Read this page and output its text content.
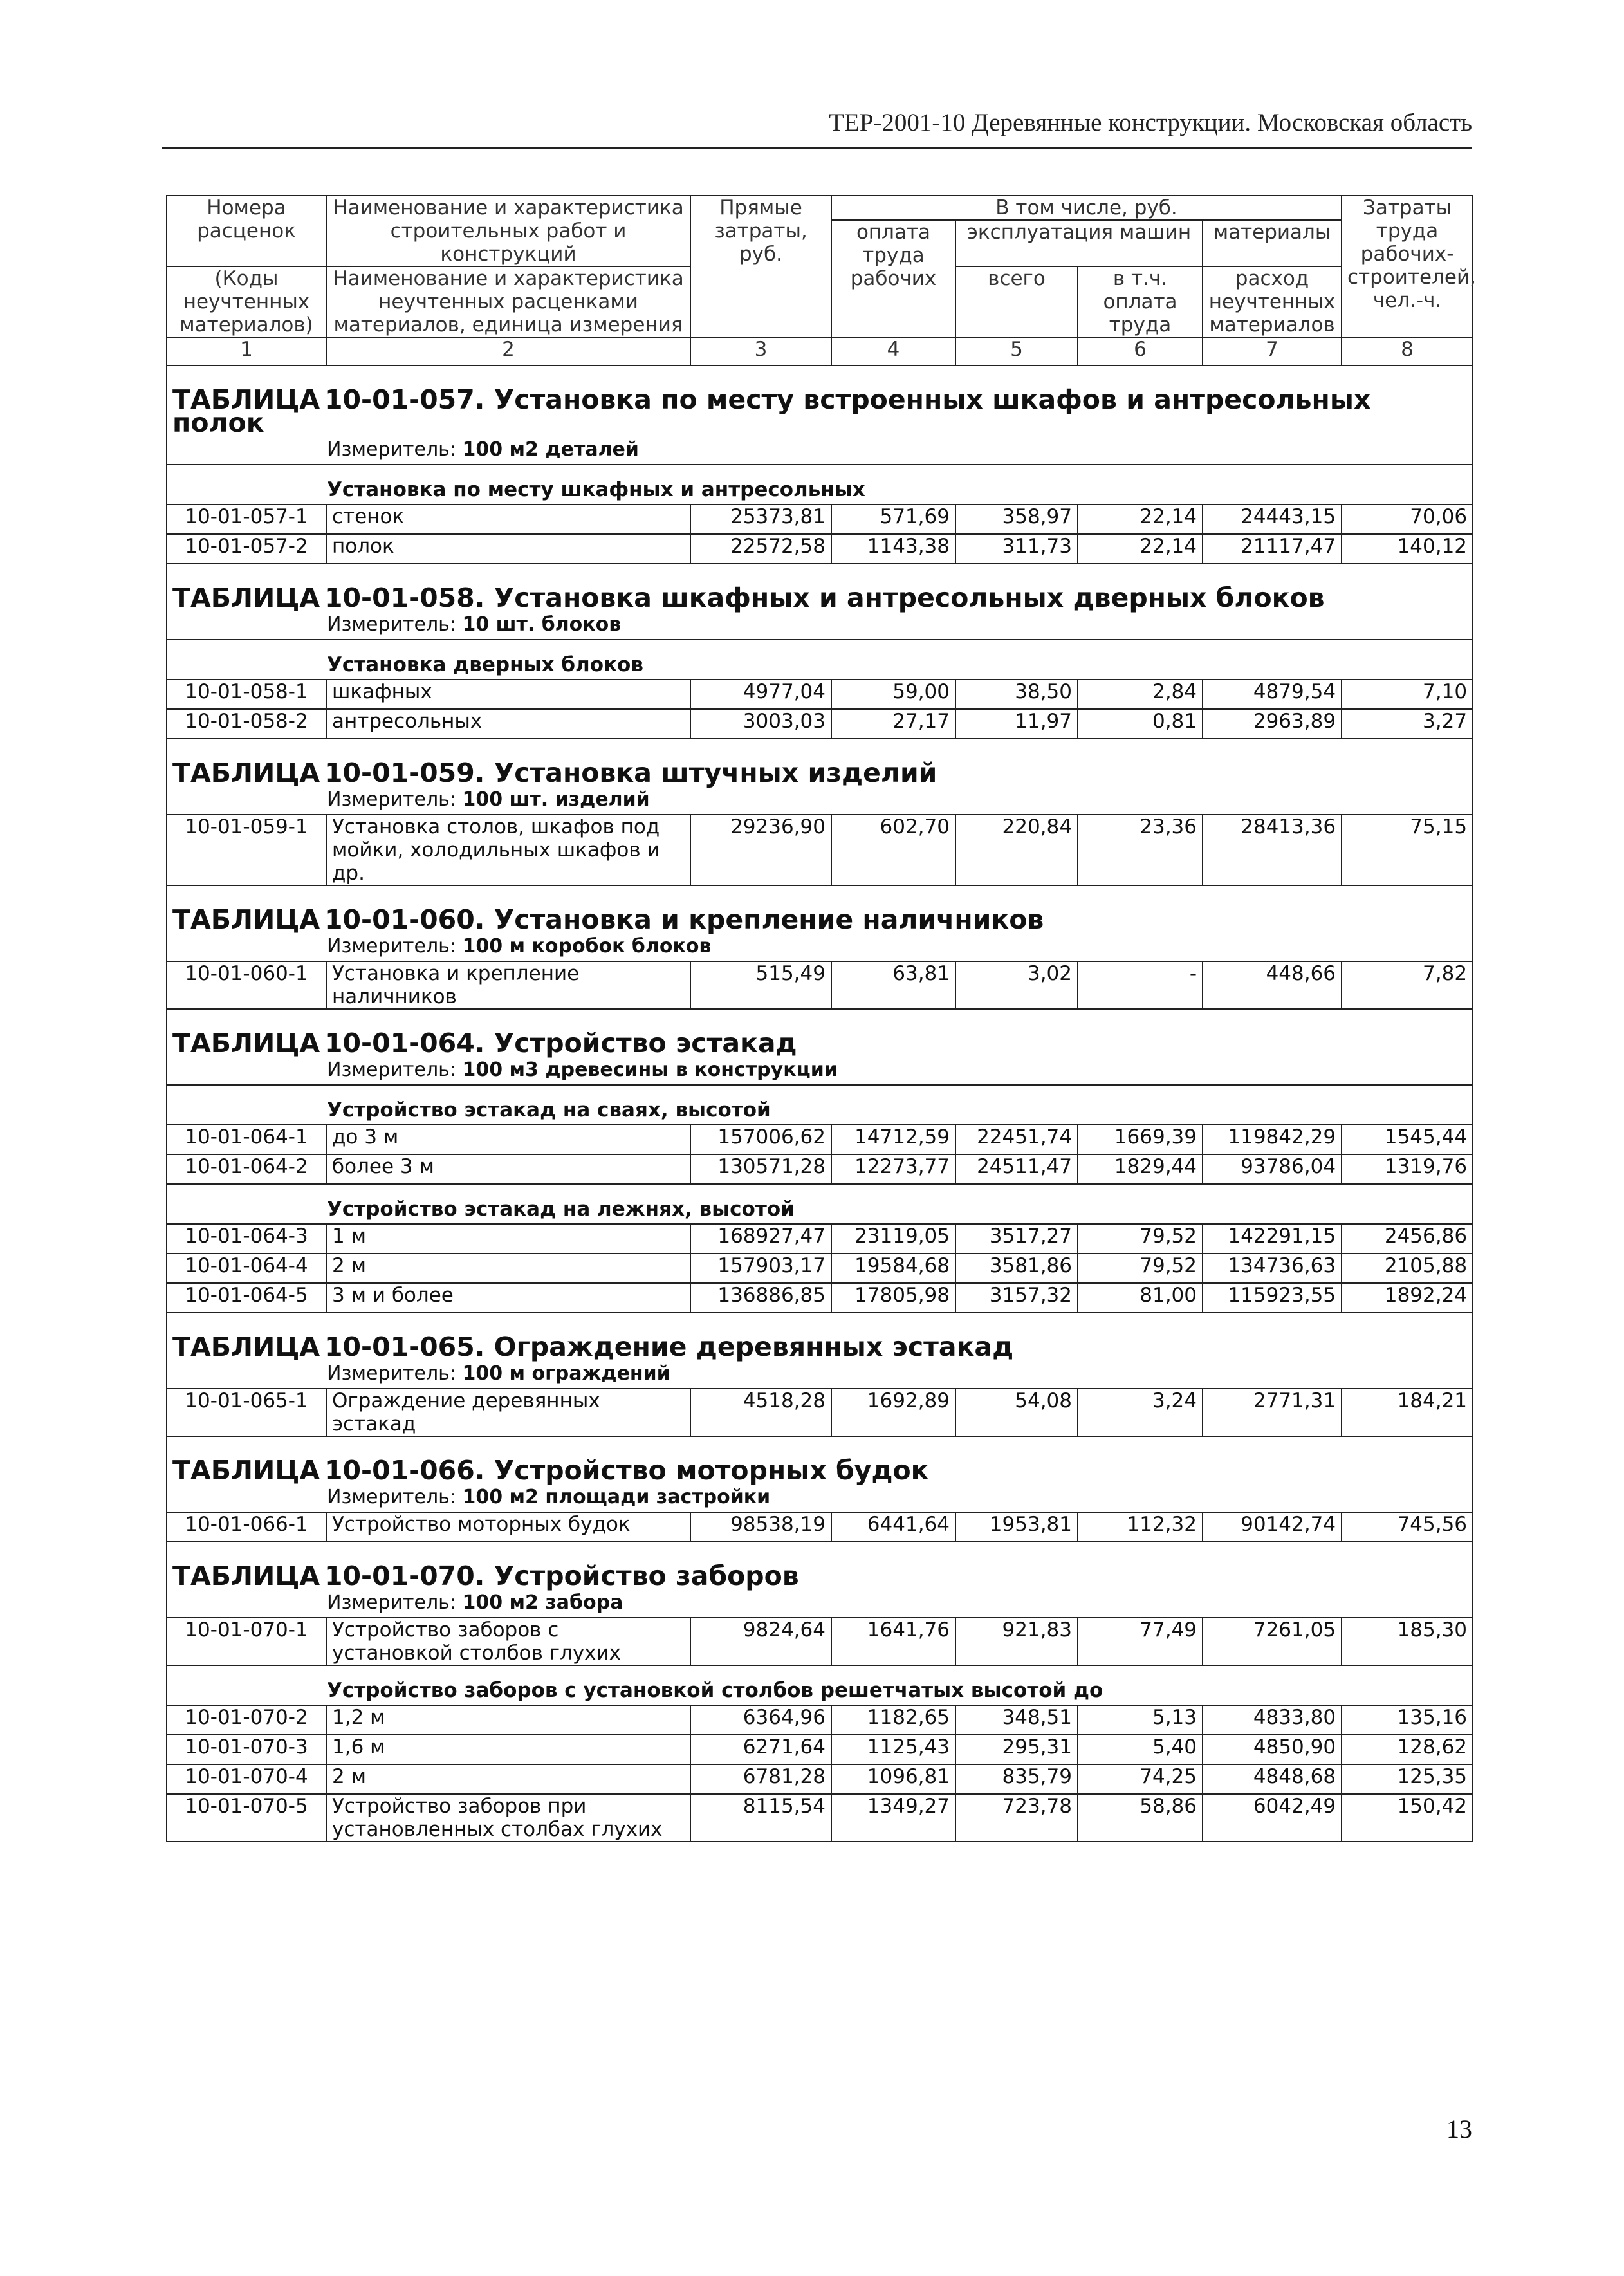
ТЕР-2001-10 Деревянные конструкции. Московская область
Номера расценок	Наименование и характеристика строительных работ и конструкций	Прямые затраты, руб.	В том числе, руб.				Затраты труда рабочих-строителей, чел.-ч.
			оплата труда рабочих	эксплуатация машин		материалы	
(Коды неучтенных материалов)	Наименование и характеристика неучтенных расценками материалов, единица измерения			всего	в т.ч. оплата труда	расход неучтенных материалов	

1	2	3	4	5	6	7	8
ТАБЛИЦА 10-01-057. Установка по месту встроенных шкафов и антресольных полок							
Измеритель: 100 м2 деталей							
Установка по месту шкафных и антресольных							
10-01-057-1	стенок	25373,81	571,69	358,97	22,14	24443,15	70,06
10-01-057-2	полок	22572,58	1143,38	311,73	22,14	21117,47	140,12
ТАБЛИЦА 10-01-058. Установка шкафных и антресольных дверных блоков							
Измеритель: 10 шт. блоков							
Установка дверных блоков							
10-01-058-1	шкафных	4977,04	59,00	38,50	2,84	4879,54	7,10
10-01-058-2	антресольных	3003,03	27,17	11,97	0,81	2963,89	3,27
ТАБЛИЦА 10-01-059. Установка штучных изделий							
Измеритель: 100 шт. изделий							
10-01-059-1	Установка столов, шкафов под мойки, холодильных шкафов и др.	29236,90	602,70	220,84	23,36	28413,36	75,15
ТАБЛИЦА 10-01-060. Установка и крепление наличников							
Измеритель: 100 м коробок блоков							
10-01-060-1	Установка и крепление наличников	515,49	63,81	3,02	-	448,66	7,82
ТАБЛИЦА 10-01-064. Устройство эстакад							
Измеритель: 100 м3 древесины в конструкции							
Устройство эстакад на сваях, высотой							
10-01-064-1	до 3 м	157006,62	14712,59	22451,74	1669,39	119842,29	1545,44
10-01-064-2	более 3 м	130571,28	12273,77	24511,47	1829,44	93786,04	1319,76
Устройство эстакад на лежнях, высотой							
10-01-064-3	1 м	168927,47	23119,05	3517,27	79,52	142291,15	2456,86
10-01-064-4	2 м	157903,17	19584,68	3581,86	79,52	134736,63	2105,88
10-01-064-5	3 м и более	136886,85	17805,98	3157,32	81,00	115923,55	1892,24
ТАБЛИЦА 10-01-065. Ограждение деревянных эстакад							
Измеритель: 100 м ограждений							
10-01-065-1	Ограждение деревянных эстакад	4518,28	1692,89	54,08	3,24	2771,31	184,21
ТАБЛИЦА 10-01-066. Устройство моторных будок							
Измеритель: 100 м2 площади застройки							
10-01-066-1	Устройство моторных будок	98538,19	6441,64	1953,81	112,32	90142,74	745,56
ТАБЛИЦА 10-01-070. Устройство заборов							
Измеритель: 100 м2 забора							
10-01-070-1	Устройство заборов с установкой столбов глухих	9824,64	1641,76	921,83	77,49	7261,05	185,30
Устройство заборов с установкой столбов решетчатых высотой до							
10-01-070-2	1,2 м	6364,96	1182,65	348,51	5,13	4833,80	135,16
10-01-070-3	1,6 м	6271,64	1125,43	295,31	5,40	4850,90	128,62
10-01-070-4	2 м	6781,28	1096,81	835,79	74,25	4848,68	125,35
10-01-070-5	Устройство заборов при установленных столбах глухих	8115,54	1349,27	723,78	58,86	6042,49	150,42
13
